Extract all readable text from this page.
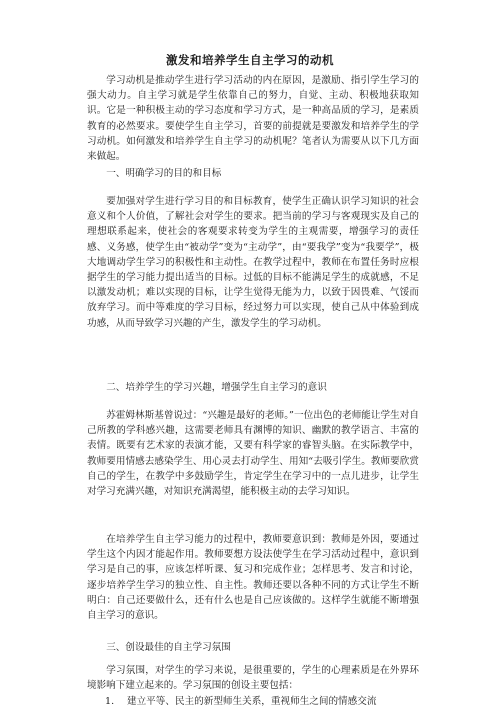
激发和培养学生自主学习的动机

学习动机是推动学生进行学习活动的内在原因，是激励、指引学生学习的强大动力。自主学习就是学生依靠自己的努力，自觉、主动、积极地获取知识。它是一种积极主动的学习态度和学习方式，是一种高品质的学习，是素质教育的必然要求。要使学生自主学习，首要的前提就是要激发和培养学生的学习动机。如何激发和培养学生自主学习的动机呢？笔者认为需要从以下几方面来做起。

一、明确学习的目的和目标

要加强对学生进行学习目的和目标教育，使学生正确认识学习知识的社会意义和个人价值，了解社会对学生的要求。把当前的学习与客观现实及自己的理想联系起来，使社会的客观要求转变为学生的主观需要，增强学习的责任感、义务感，使学生由“被动学”变为“主动学”，由“要我学”变为“我要学”，极大地调动学生学习的积极性和主动性。在教学过程中，教师在布置任务时应根据学生的学习能力提出适当的目标。过低的目标不能满足学生的成就感，不足以激发动机；难以实现的目标，让学生觉得无能为力，以致于因畏难、气馁而放弃学习。而中等难度的学习目标，经过努力可以实现，使自己从中体验到成功感，从而导致学习兴趣的产生，激发学生的学习动机。

二、培养学生的学习兴趣，增强学生自主学习的意识

苏霍姆林斯基曾说过：“兴趣是最好的老师。”一位出色的老师能让学生对自己所教的学科感兴趣，这需要老师具有渊博的知识、幽默的教学语言、丰富的表情。既要有艺术家的表演才能，又要有科学家的睿智头脑。在实际教学中，教师要用情感去感染学生、用心灵去打动学生、用知“去吸引学生。教师要欣赏自己的学生，在教学中多鼓励学生，肯定学生在学习中的一点儿进步，让学生对学习充满兴趣，对知识充满渴望，能积极主动的去学习知识。

在培养学生自主学习能力的过程中，教师要意识到：教师是外因，要通过学生这个内因才能起作用。教师要想方设法使学生在学习活动过程中，意识到学习是自己的事，应该怎样听课、复习和完成作业；怎样思考、发言和讨论，逐步培养学生学习的独立性、自主性。教师还要以各种不同的方式让学生不断明白：自己还要做什么，还有什么也是自己应该做的。这样学生就能不断增强自主学习的意识。

三、创设最佳的自主学习氛围

学习氛围，对学生的学习来说，是很重要的，学生的心理素质是在外界环境影响下建立起来的。学习氛围的创设主要包括：

1. 建立平等、民主的新型师生关系，重视师生之间的情感交流
